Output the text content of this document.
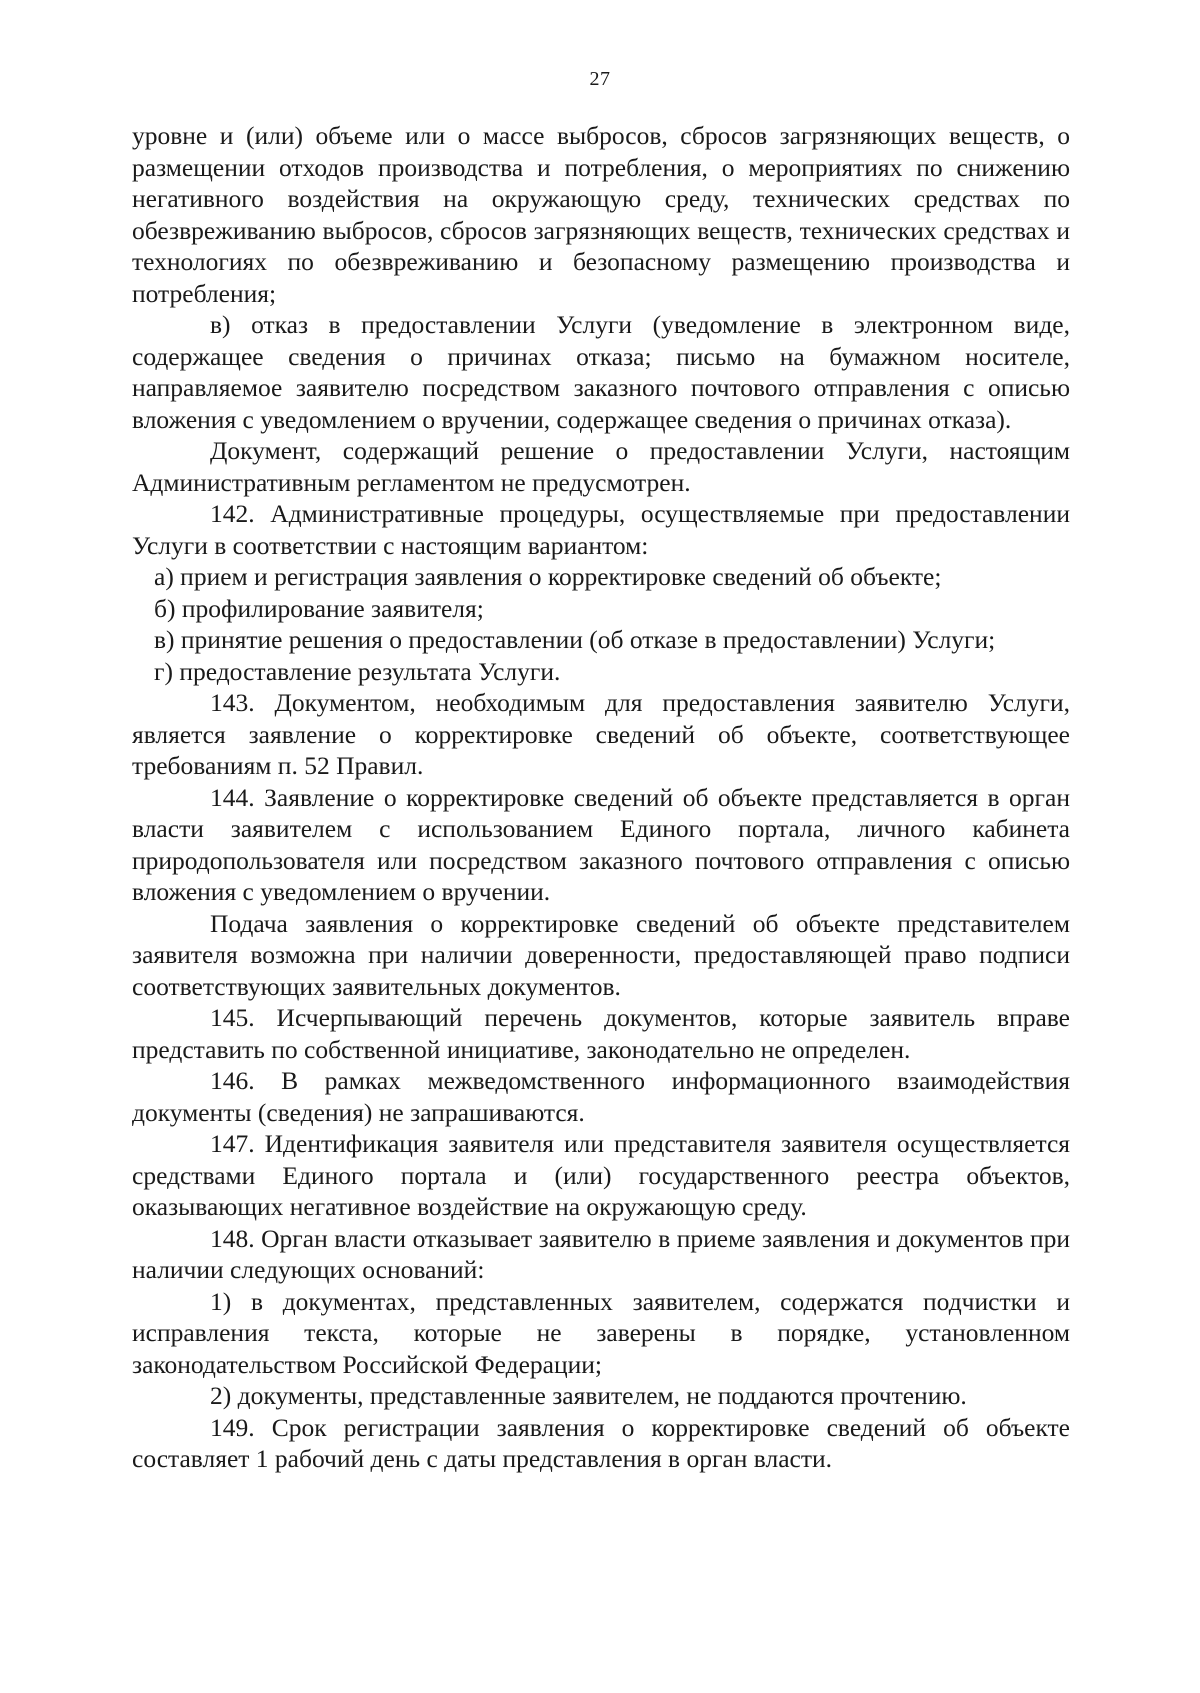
27

уровне и (или) объеме или о массе выбросов, сбросов загрязняющих веществ, о размещении отходов производства и потребления, о мероприятиях по снижению негативного воздействия на окружающую среду, технических средствах по обезвреживанию выбросов, сбросов загрязняющих веществ, технических средствах и технологиях по обезвреживанию и безопасному размещению производства и потребления;

в) отказ в предоставлении Услуги (уведомление в электронном виде, содержащее сведения о причинах отказа; письмо на бумажном носителе, направляемое заявителю посредством заказного почтового отправления с описью вложения с уведомлением о вручении, содержащее сведения о причинах отказа).

Документ, содержащий решение о предоставлении Услуги, настоящим Административным регламентом не предусмотрен.

142. Административные процедуры, осуществляемые при предоставлении Услуги в соответствии с настоящим вариантом:

а) прием и регистрация заявления о корректировке сведений об объекте;

б) профилирование заявителя;

в) принятие решения о предоставлении (об отказе в предоставлении) Услуги;

г) предоставление результата Услуги.

143. Документом, необходимым для предоставления заявителю Услуги, является заявление о корректировке сведений об объекте, соответствующее требованиям п. 52 Правил.

144. Заявление о корректировке сведений об объекте представляется в орган власти заявителем с использованием Единого портала, личного кабинета природопользователя или посредством заказного почтового отправления с описью вложения с уведомлением о вручении.

Подача заявления о корректировке сведений об объекте представителем заявителя возможна при наличии доверенности, предоставляющей право подписи соответствующих заявительных документов.

145. Исчерпывающий перечень документов, которые заявитель вправе представить по собственной инициативе, законодательно не определен.

146. В рамках межведомственного информационного взаимодействия документы (сведения) не запрашиваются.

147. Идентификация заявителя или представителя заявителя осуществляется средствами Единого портала и (или) государственного реестра объектов, оказывающих негативное воздействие на окружающую среду.

148. Орган власти отказывает заявителю в приеме заявления и документов при наличии следующих оснований:

1) в документах, представленных заявителем, содержатся подчистки и исправления текста, которые не заверены в порядке, установленном законодательством Российской Федерации;

2) документы, представленные заявителем, не поддаются прочтению.

149. Срок регистрации заявления о корректировке сведений об объекте составляет 1 рабочий день с даты представления в орган власти.
